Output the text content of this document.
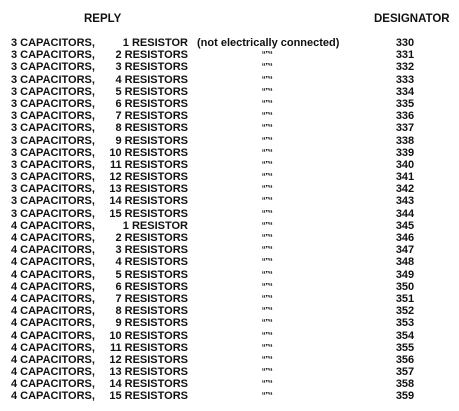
REPLY	DESIGNATOR
3 CAPACITORS,	1 RESISTOR (not electrically connected)	330
3 CAPACITORS,	2 RESISTORS	“”“	331
3 CAPACITORS,	3 RESISTORS	“”“	332
3 CAPACITORS,	4 RESISTORS	“”“	333
3 CAPACITORS,	5 RESISTORS	“”“	334
3 CAPACITORS,	6 RESISTORS	“”“	335
3 CAPACITORS,	7 RESISTORS	“”“	336
3 CAPACITORS,	8 RESISTORS	“”“	337
3 CAPACITORS,	9 RESISTORS	“”“	338
3 CAPACITORS,	10 RESISTORS	“”“	339
3 CAPACITORS,	11 RESISTORS	“”“	340
3 CAPACITORS,	12 RESISTORS	“”“	341
3 CAPACITORS,	13 RESISTORS	“”“	342
3 CAPACITORS,	14 RESISTORS	“”“	343
3 CAPACITORS,	15 RESISTORS	“”“	344
4 CAPACITORS,	1 RESISTOR	“”“	345
4 CAPACITORS,	2 RESISTORS	“”“	346
4 CAPACITORS,	3 RESISTORS	“”“	347
4 CAPACITORS,	4 RESISTORS	“”“	348
4 CAPACITORS,	5 RESISTORS	“”“	349
4 CAPACITORS,	6 RESISTORS	“”“	350
4 CAPACITORS,	7 RESISTORS	“”“	351
4 CAPACITORS,	8 RESISTORS	“”“	352
4 CAPACITORS,	9 RESISTORS	“”“	353
4 CAPACITORS,	10 RESISTORS	“”“	354
4 CAPACITORS,	11 RESISTORS	“”“	355
4 CAPACITORS,	12 RESISTORS	“”“	356
4 CAPACITORS,	13 RESISTORS	“”“	357
4 CAPACITORS,	14 RESISTORS	“”“	358
4 CAPACITORS,	15 RESISTORS	“”“	359
